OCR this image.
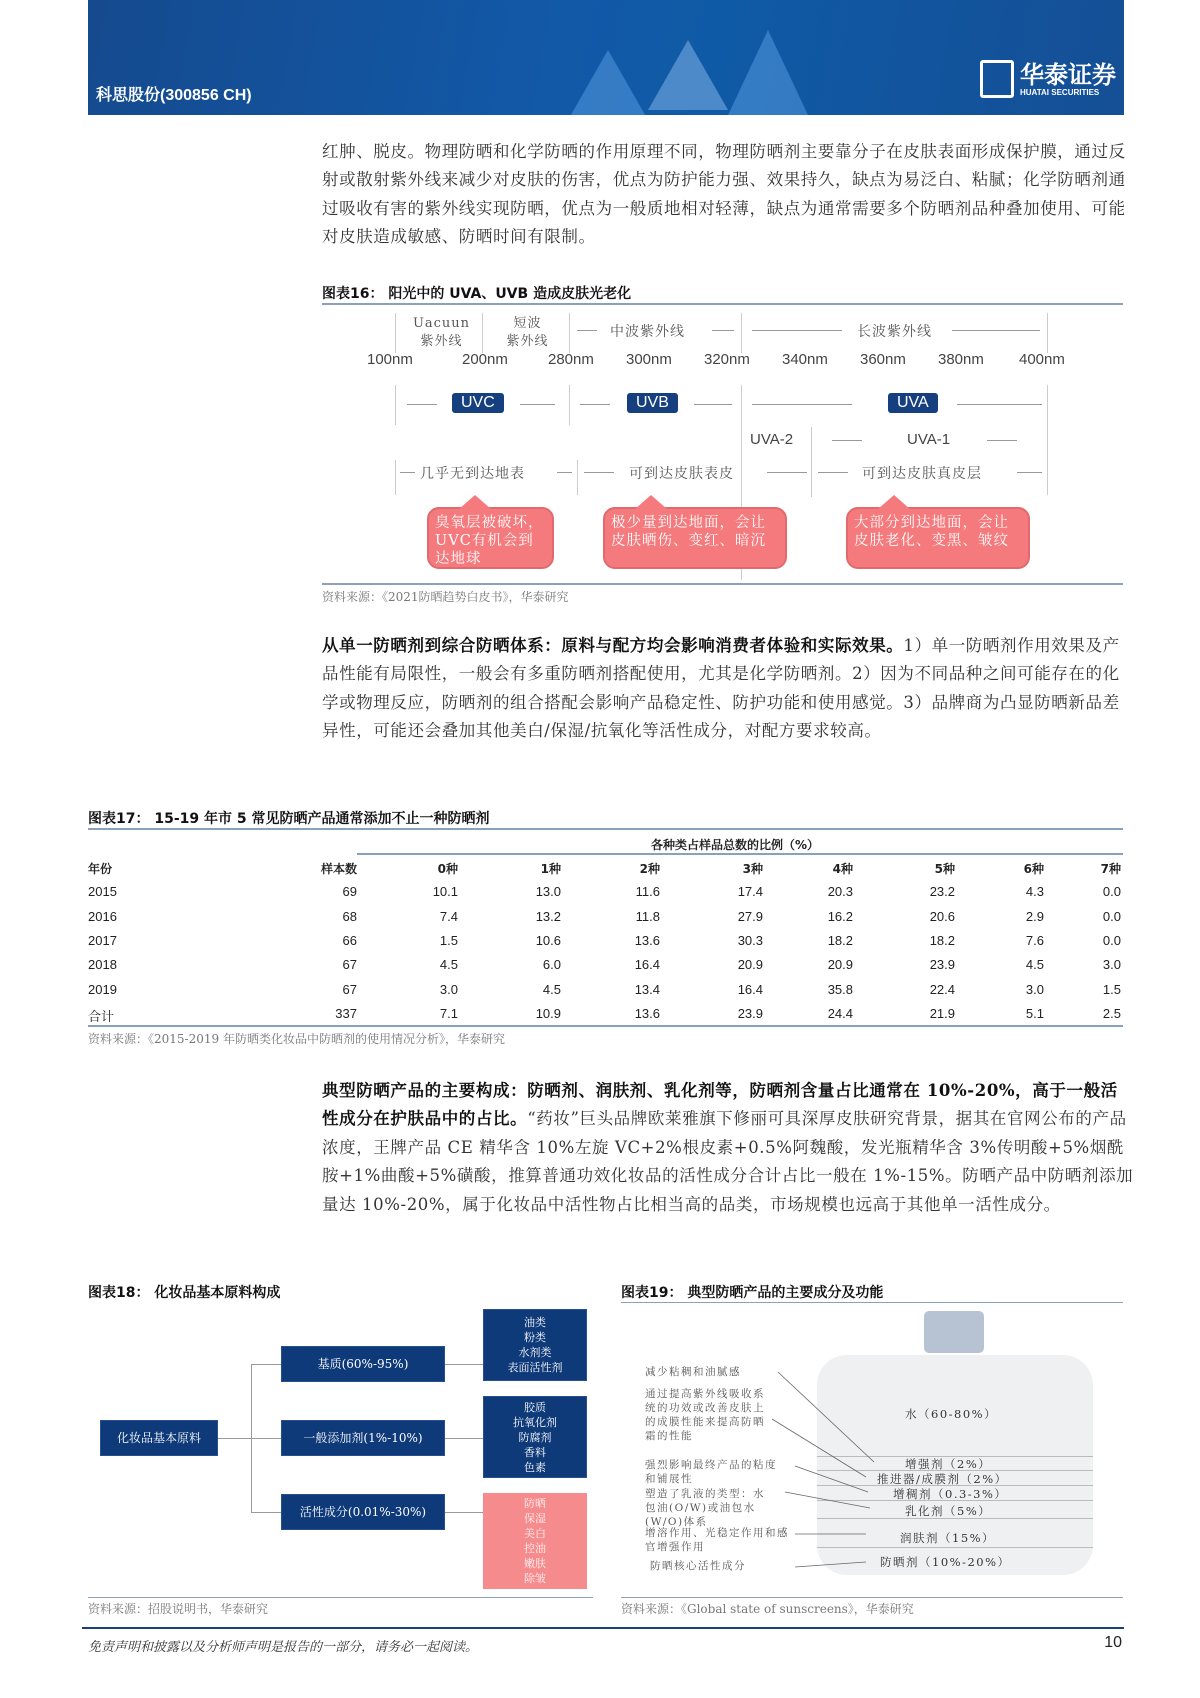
科思股份(300856 CH)
华泰证券
HUATAI SECURITIES
红肿、脱皮。物理防晒和化学防晒的作用原理不同，物理防晒剂主要靠分子在皮肤表面形成保护膜，通过反射或散射紫外线来减少对皮肤的伤害，优点为防护能力强、效果持久，缺点为易泛白、粘腻；化学防晒剂通过吸收有害的紫外线实现防晒，优点为一般质地相对轻薄，缺点为通常需要多个防晒剂品种叠加使用、可能对皮肤造成敏感、防晒时间有限制。
图表16： 阳光中的 UVA、UVB 造成皮肤光老化
Uacuun
紫外线
短波
紫外线
中波紫外线	长波紫外线
100nm	200nm	280nm 300nm 320nm 340nm 360nm 380nm 400nm
UVC	UVB	UVA
UVA-2	UVA-1
几乎无到达地表	可到达皮肤表皮	可到达皮肤真皮层
臭氧层被破坏，UVC有机会到达地球
极少量到达地面，会让皮肤晒伤、变红、暗沉
大部分到达地面，会让皮肤老化、变黑、皱纹
资料来源：《2021防晒趋势白皮书》，华泰研究
从单一防晒剂到综合防晒体系：原料与配方均会影响消费者体验和实际效果。1）单一防晒剂作用效果及产品性能有局限性，一般会有多重防晒剂搭配使用，尤其是化学防晒剂。2）因为不同品种之间可能存在的化学或物理反应，防晒剂的组合搭配会影响产品稳定性、防护功能和使用感觉。3）品牌商为凸显防晒新品差异性，可能还会叠加其他美白/保湿/抗氧化等活性成分，对配方要求较高。
图表17： 15-19 年市 5 常见防晒产品通常添加不止一种防晒剂
各种类占样品总数的比例（%）
年份	样本数	0种	1种	2种	3种	4种	5种	6种	7种
2015	69	10.1	13.0	11.6	17.4	20.3	23.2	4.3	0.0
2016	68	7.4	13.2	11.8	27.9	16.2	20.6	2.9	0.0
2017	66	1.5	10.6	13.6	30.3	18.2	18.2	7.6	0.0
2018	67	4.5	6.0	16.4	20.9	20.9	23.9	4.5	3.0
2019	67	3.0	4.5	13.4	16.4	35.8	22.4	3.0	1.5
合计	337	7.1	10.9	13.6	23.9	24.4	21.9	5.1	2.5
资料来源：《2015-2019 年防晒类化妆品中防晒剂的使用情况分析》，华泰研究
典型防晒产品的主要构成：防晒剂、润肤剂、乳化剂等，防晒剂含量占比通常在 10%-20%，高于一般活性成分在护肤品中的占比。“药妆”巨头品牌欧莱雅旗下修丽可具深厚皮肤研究背景，据其在官网公布的产品浓度，王牌产品 CE 精华含 10%左旋 VC+2%根皮素+0.5%阿魏酸，发光瓶精华含 3%传明酸+5%烟酰胺+1%曲酸+5%磺酸，推算普通功效化妆品的活性成分合计占比一般在 1%-15%。防晒产品中防晒剂添加量达 10%-20%，属于化妆品中活性物占比相当高的品类，市场规模也远高于其他单一活性成分。
图表18： 化妆品基本原料构成
化妆品基本原料
基质(60%-95%)
一般添加剂(1%-10%)
活性成分(0.01%-30%)
油类
粉类
水剂类
表面活性剂
胶质
抗氧化剂
防腐剂
香料
色素
防晒
保湿
美白
控油
嫩肤
除皱
资料来源：招股说明书，华泰研究
图表19： 典型防晒产品的主要成分及功能
水（60-80%）
增强剂（2%）
推进器/成膜剂（2%）
增稠剂（0.3-3%）
乳化剂（5%）
润肤剂（15%）
防晒剂（10%-20%）
减少粘稠和油腻感
通过提高紫外线吸收系统的功效或改善皮肤上的成膜性能来提高防晒霜的性能
强烈影响最终产品的粘度和铺展性
塑造了乳液的类型：水包油(O/W)或油包水(W/O)体系
增溶作用、光稳定作用和感官增强作用
防晒核心活性成分
资料来源：《Global state of sunscreens》，华泰研究
免责声明和披露以及分析师声明是报告的一部分，请务必一起阅读。	10
